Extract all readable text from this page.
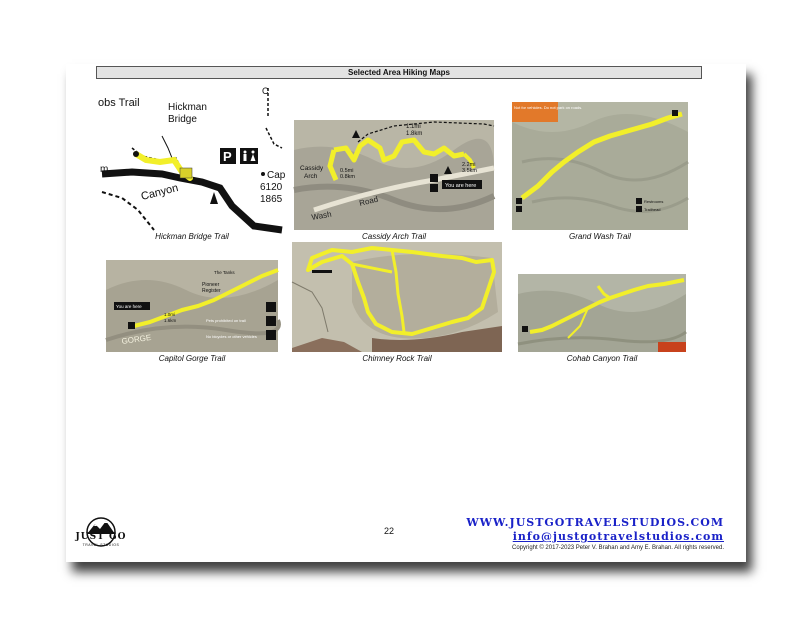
Selected Area Hiking Maps
P
obs Trail	Hickman
Bridge
C
Canyon
Cap
6120
1865
m
Hickman Bridge Trail
1.1mi
1.8km
Cassidy
Arch
0.5mi
0.8km
2.2mi
3.5km
Wash
Road
You are here
Cassidy Arch Trail
Not for vehicles. Do not park on roads.
Restrooms
Trailhead
Grand Wash Trail
The Tanks
Pioneer
Register
You are here
1.0mi
1.6km
GORGE
Pets prohibited on trail
No bicycles or other vehicles
Capitol Gorge Trail	Chimney Rock Trail	Cohab Canyon Trail
JUST GO
TRAVEL STUDIOS
22
WWW.JUSTGOTRAVELSTUDIOS.COM
info@justgotravelstudios.com
Copyright © 2017-2023 Peter V. Brahan and Amy E. Brahan. All rights reserved.
